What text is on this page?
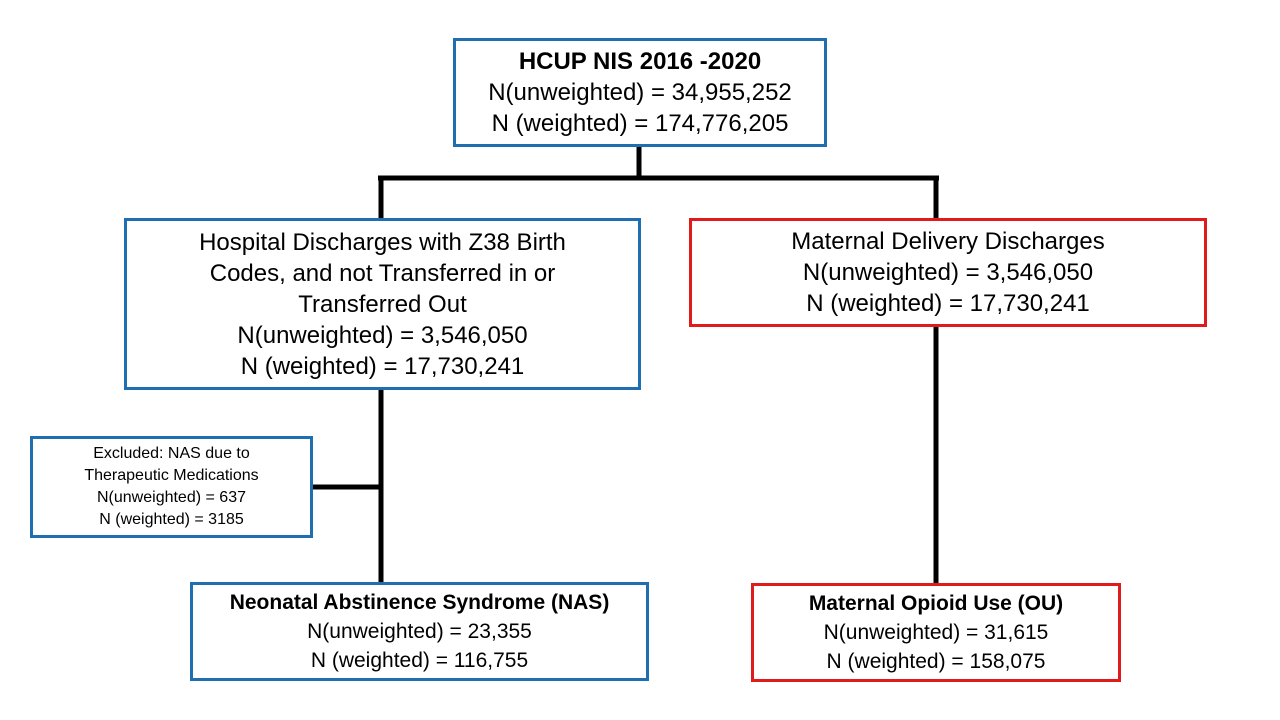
HCUP NIS 2016 -2020
N(unweighted) = 34,955,252
N (weighted) = 174,776,205
Hospital Discharges with Z38 Birth
Codes, and not Transferred in or
Transferred Out
N(unweighted) = 3,546,050
N (weighted) = 17,730,241
Maternal Delivery Discharges
N(unweighted) = 3,546,050
N (weighted) = 17,730,241
Excluded: NAS due to
Therapeutic Medications
N(unweighted) = 637
N (weighted) = 3185
Neonatal Abstinence Syndrome (NAS)
N(unweighted) = 23,355
N (weighted) = 116,755
Maternal Opioid Use (OU)
N(unweighted) = 31,615
N (weighted) = 158,075
